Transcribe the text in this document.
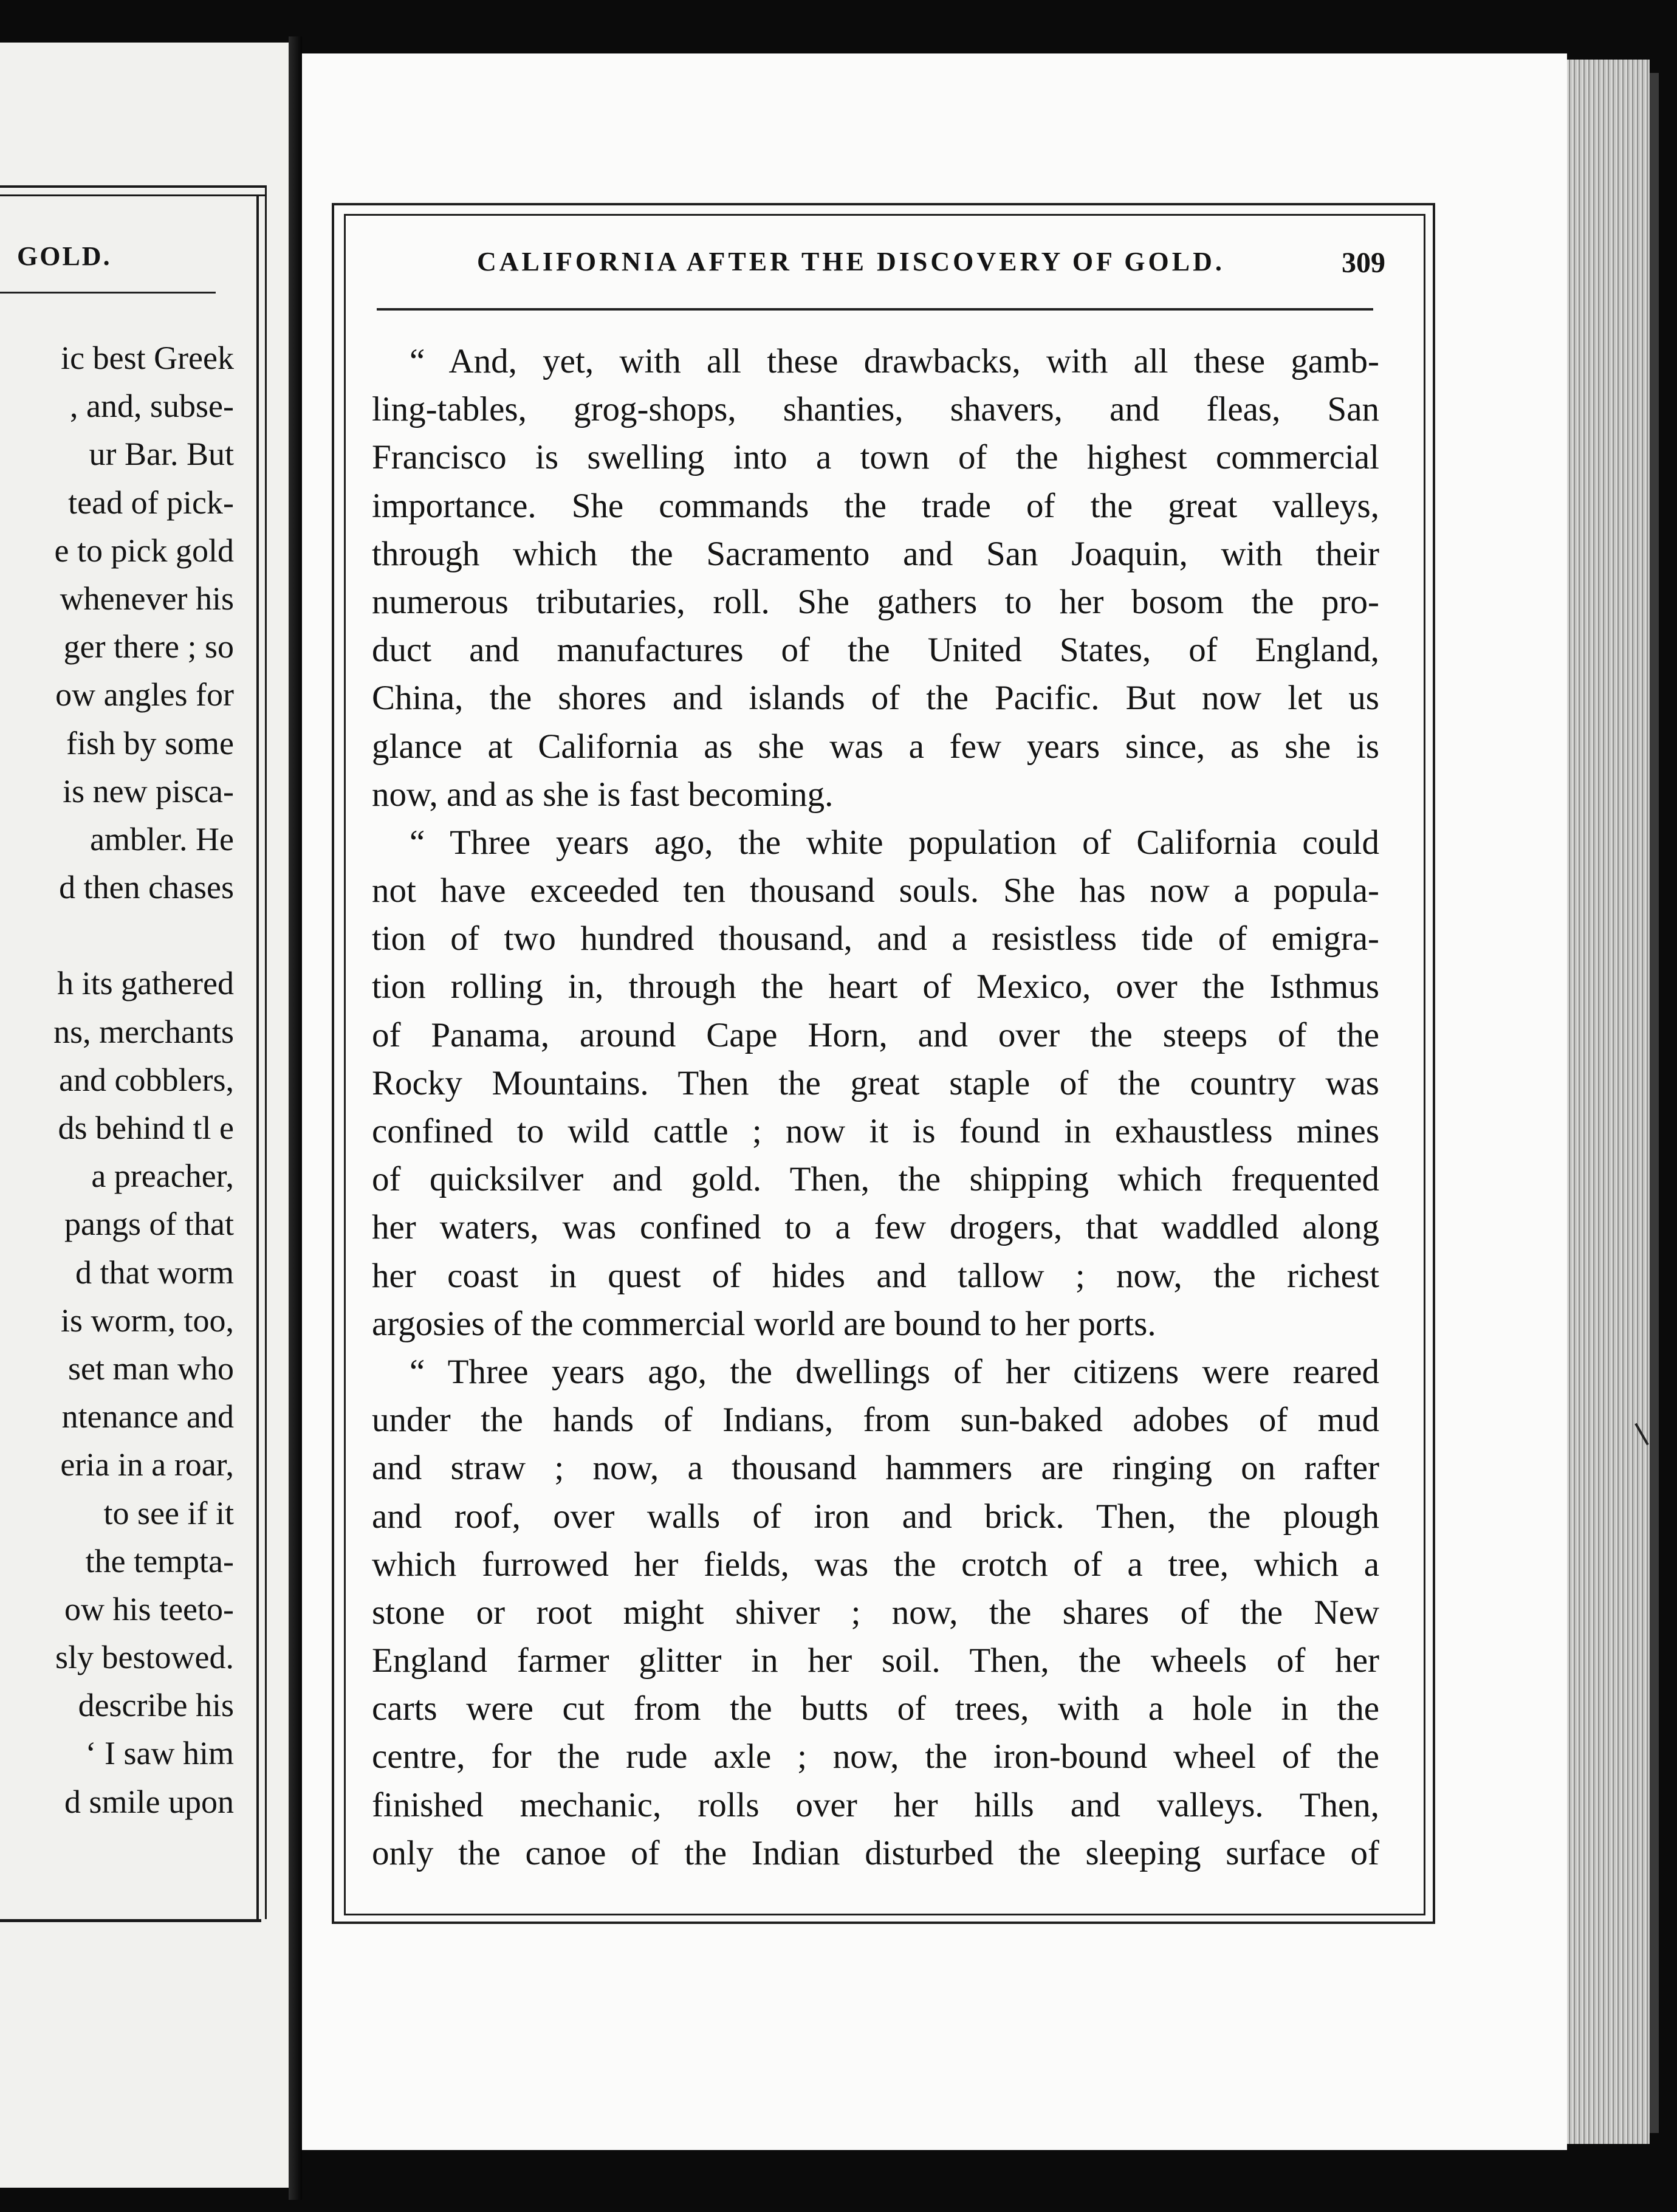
GOLD.
ic best Greek
, and, subse-
ur Bar. But
tead of pick-
e to pick gold
whenever his
ger there ; so
ow angles for
fish by some
is new pisca-
ambler. He
d then chases
h its gathered
ns, merchants
and cobblers,
ds behind tl e
a preacher,
pangs of that
d that worm
is worm, too,
set man who
ntenance and
eria in a roar,
to see if it
the tempta-
ow his teeto-
sly bestowed.
describe his
‘ I saw him
d smile upon
CALIFORNIA AFTER THE DISCOVERY OF GOLD.	309
“ And, yet, with all these drawbacks, with all these gamb-
ling-tables, grog-shops, shanties, shavers, and fleas, San
Francisco is swelling into a town of the highest commercial
importance. She commands the trade of the great valleys,
through which the Sacramento and San Joaquin, with their
numerous tributaries, roll. She gathers to her bosom the pro-
duct and manufactures of the United States, of England,
China, the shores and islands of the Pacific. But now let us
glance at California as she was a few years since, as she is
now, and as she is fast becoming.
“ Three years ago, the white population of California could
not have exceeded ten thousand souls. She has now a popula-
tion of two hundred thousand, and a resistless tide of emigra-
tion rolling in, through the heart of Mexico, over the Isthmus
of Panama, around Cape Horn, and over the steeps of the
Rocky Mountains. Then the great staple of the country was
confined to wild cattle ; now it is found in exhaustless mines
of quicksilver and gold. Then, the shipping which frequented
her waters, was confined to a few drogers, that waddled along
her coast in quest of hides and tallow ; now, the richest
argosies of the commercial world are bound to her ports.
“ Three years ago, the dwellings of her citizens were reared
under the hands of Indians, from sun-baked adobes of mud
and straw ; now, a thousand hammers are ringing on rafter
and roof, over walls of iron and brick. Then, the plough
which furrowed her fields, was the crotch of a tree, which a
stone or root might shiver ; now, the shares of the New
England farmer glitter in her soil. Then, the wheels of her
carts were cut from the butts of trees, with a hole in the
centre, for the rude axle ; now, the iron-bound wheel of the
finished mechanic, rolls over her hills and valleys. Then,
only the canoe of the Indian disturbed the sleeping surface of
